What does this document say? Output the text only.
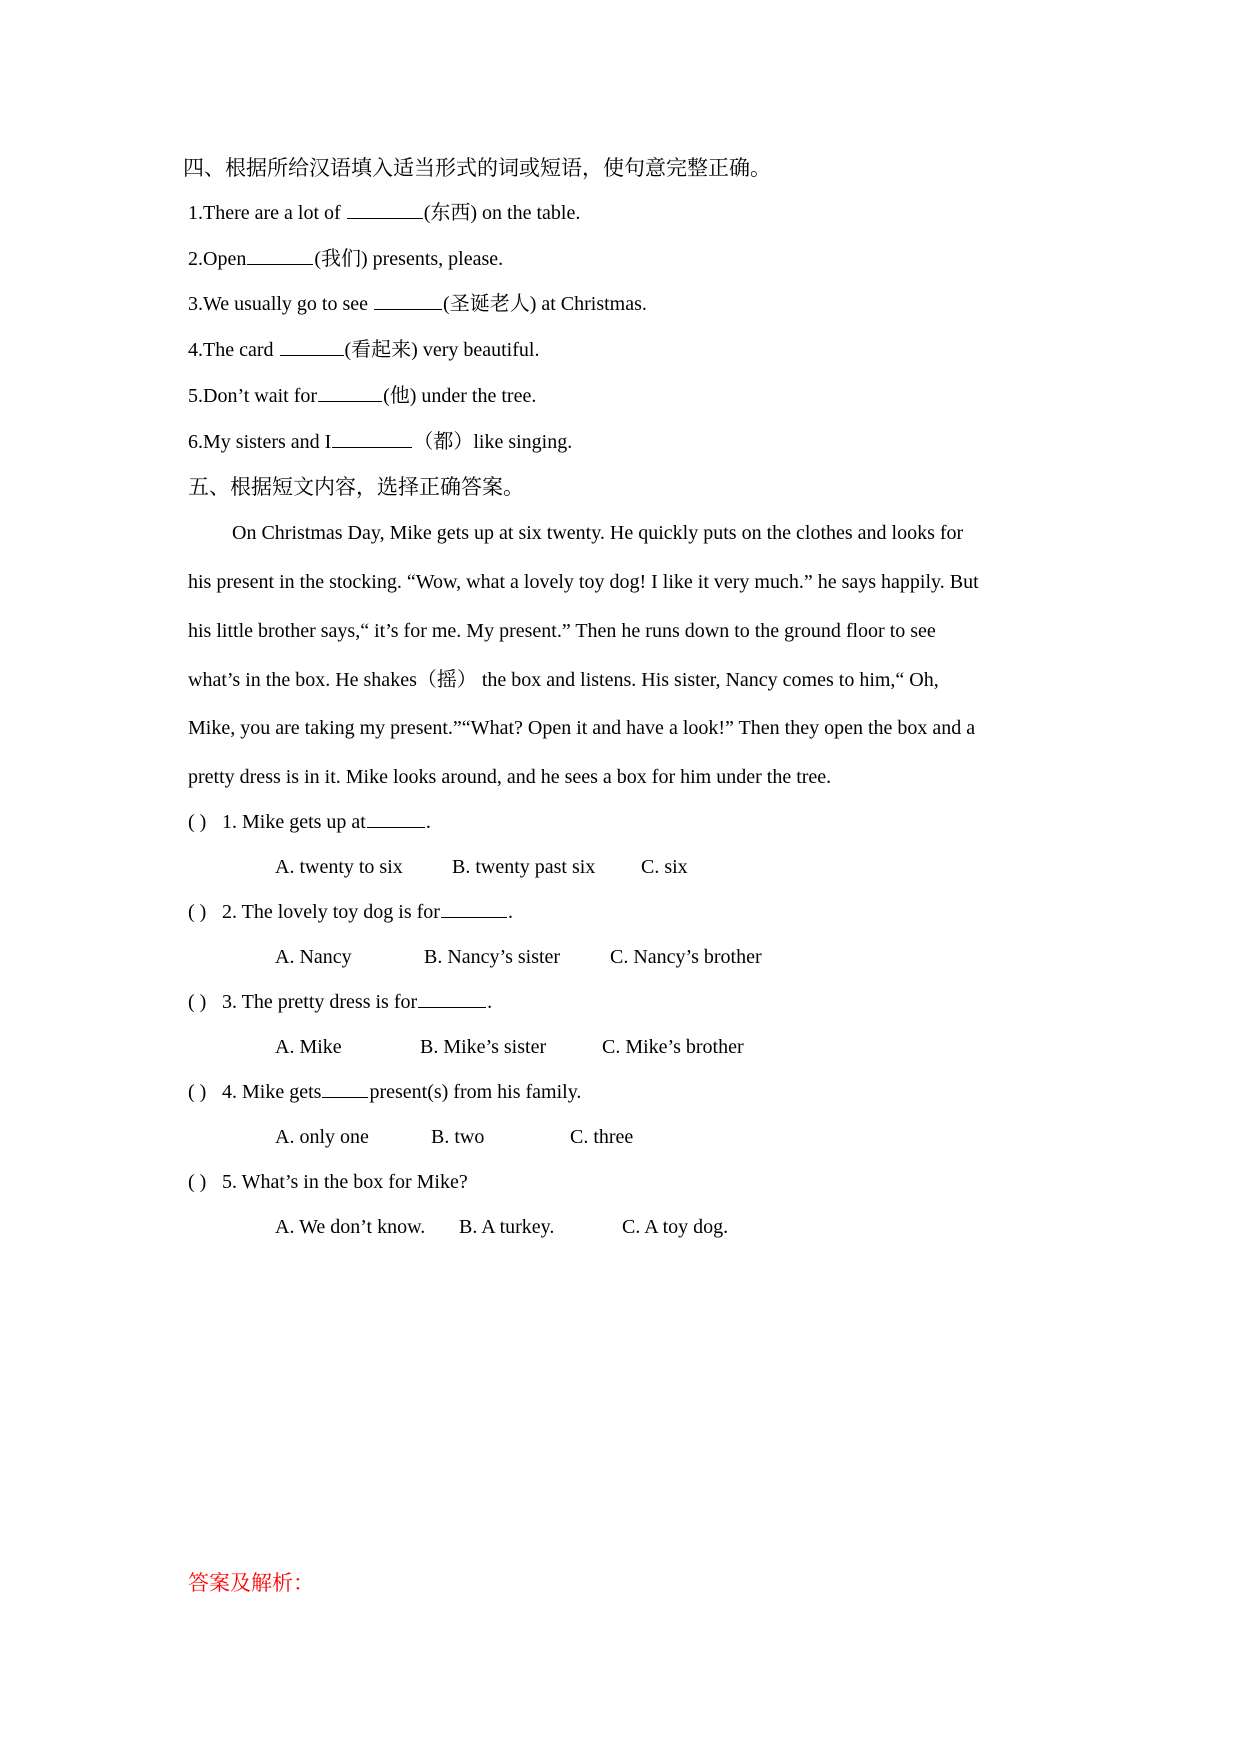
四、根据所给汉语填入适当形式的词或短语，使句意完整正确。
1.There are a lot of	(东西) on the table.
2.Open	(我们) presents, please.
3.We usually go to see	(圣诞老人) at Christmas.
4.The card	(看起来) very beautiful.
5.Don’t wait for	(他) under the tree.
6.My sisters and I	（都）like singing.
五、根据短文内容，选择正确答案。
On Christmas Day, Mike gets up at six twenty. He quickly puts on the clothes and looks for
his present in the stocking. “Wow, what a lovely toy dog! I like it very much.” he says happily. But
his little brother says,“ it’s for me. My present.” Then he runs down to the ground floor to see
what’s in the box. He shakes（摇） the box and listens. His sister, Nancy comes to him,“ Oh,
Mike, you are taking my present.”“What? Open it and have a look!” Then they open the box and a
pretty dress is in it. Mike looks around, and he sees a box for him under the tree.
( ) 1. Mike gets up at	.
A. twenty to six B. twenty past six C. six
( ) 2. The lovely toy dog is for	.
A. Nancy	B. Nancy’s sister C. Nancy’s brother
( ) 3. The pretty dress is for	.
A. Mike	B. Mike’s sister	C. Mike’s brother
( ) 4. Mike gets present(s) from his family.
A. only one	B. two	C. three
( ) 5. What’s in the box for Mike?
A. We don’t know. B. A turkey.	C. A toy dog.
答案及解析：
